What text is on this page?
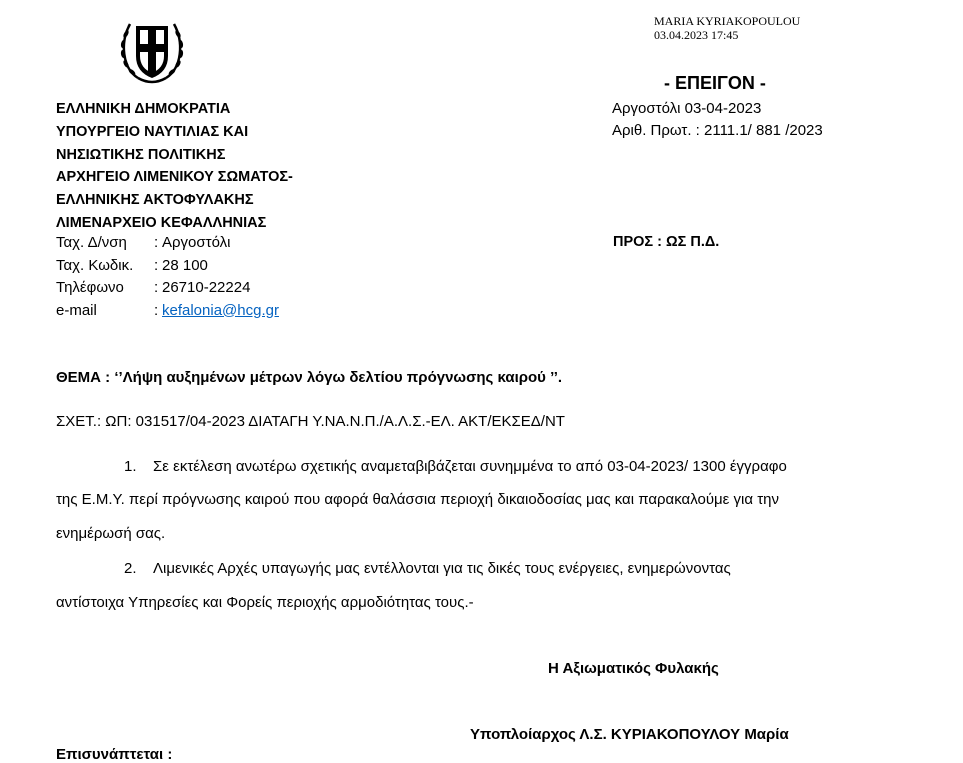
MARIA KYRIAKOPOULOU
03.04.2023 17:45
ΕΛΛΗΝΙΚΗ ΔΗΜΟΚΡΑΤΙΑ
ΥΠΟΥΡΓΕΙΟ ΝΑΥΤΙΛΙΑΣ ΚΑΙ
ΝΗΣΙΩΤΙΚΗΣ ΠΟΛΙΤΙΚΗΣ
ΑΡΧΗΓΕΙΟ ΛΙΜΕΝΙΚΟΥ ΣΩΜΑΤΟΣ-
ΕΛΛΗΝΙΚΗΣ ΑΚΤΟΦΥΛΑΚΗΣ
ΛΙΜΕΝΑΡΧΕΙΟ ΚΕΦΑΛΛΗΝΙΑΣ
Ταχ. Δ/νση	: Αργοστόλι
Ταχ. Κωδικ.	: 28 100
Τηλέφωνο	: 26710-22224
e-mail	: kefalonia@hcg.gr
- ΕΠΕΙΓΟΝ -
Αργοστόλι 03-04-2023
Αριθ. Πρωτ. : 2111.1/ 881 /2023
ΠΡΟΣ : ΩΣ Π.Δ.
ΘΕΜΑ : ‘’Λήψη αυξημένων μέτρων λόγω δελτίου πρόγνωσης καιρού ’’.
ΣΧΕΤ.: ΩΠ: 031517/04-2023 ΔΙΑΤΑΓΗ Υ.ΝΑ.Ν.Π./Α.Λ.Σ.-ΕΛ. ΑΚΤ/ΕΚΣΕΔ/ΝΤ
1. Σε εκτέλεση ανωτέρω σχετικής αναμεταβιβάζεται συνημμένα το από 03-04-2023/ 1300 έγγραφο
της Ε.Μ.Υ. περί πρόγνωσης καιρού που αφορά θαλάσσια περιοχή δικαιοδοσίας μας και παρακαλούμε για την
ενημέρωσή σας.
2. Λιμενικές Αρχές υπαγωγής μας εντέλλονται για τις δικές τους ενέργειες, ενημερώνοντας
αντίστοιχα Υπηρεσίες και Φορείς περιοχής αρμοδιότητας τους.-
Η Αξιωματικός Φυλακής
Υποπλοίαρχος Λ.Σ. ΚΥΡΙΑΚΟΠΟΥΛΟΥ Μαρία
Επισυνάπτεται :
